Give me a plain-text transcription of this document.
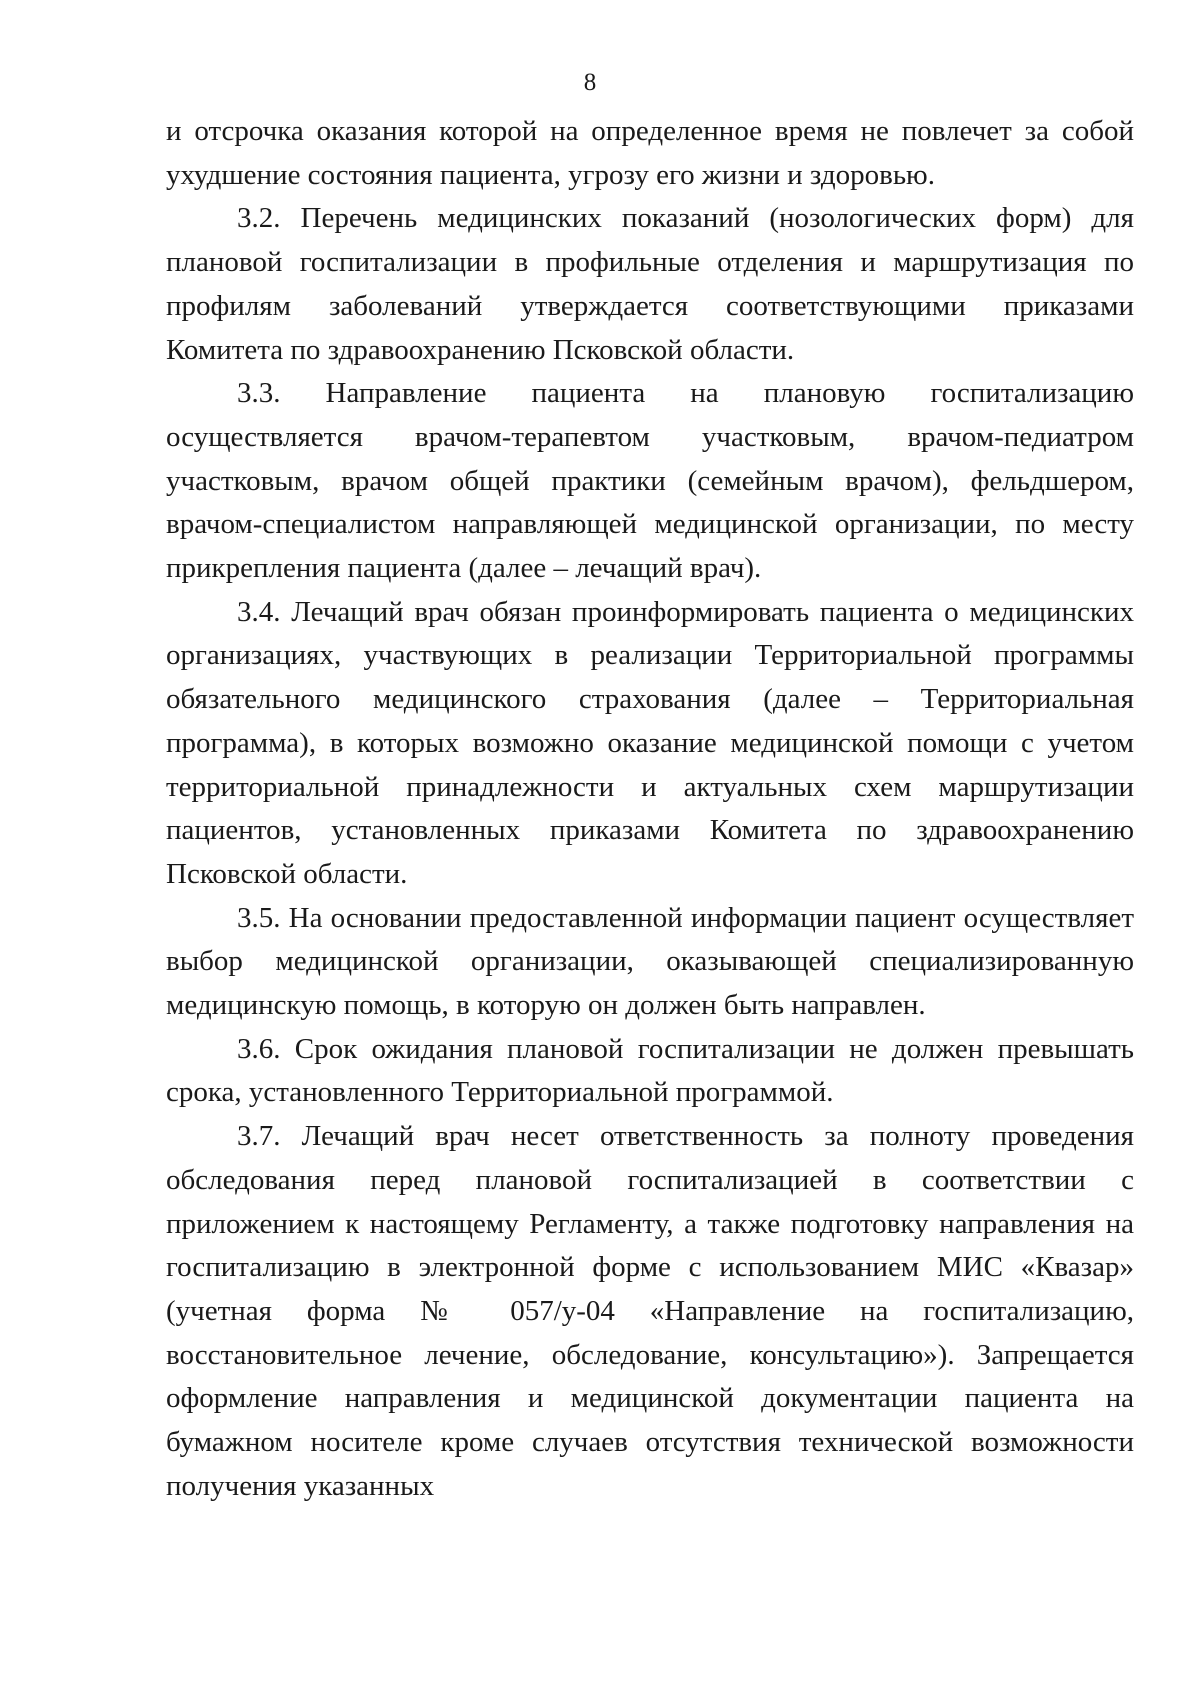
8

и отсрочка оказания которой на определенное время не повлечет за собой ухудшение состояния пациента, угрозу его жизни и здоровью.

3.2. Перечень медицинских показаний (нозологических форм) для плановой госпитализации в профильные отделения и маршрутизация по профилям заболеваний утверждается соответствующими приказами Комитета по здравоохранению Псковской области.

3.3. Направление пациента на плановую госпитализацию осуществляется врачом-терапевтом участковым, врачом-педиатром участковым, врачом общей практики (семейным врачом), фельдшером, врачом-специалистом направляющей медицинской организации, по месту прикрепления пациента (далее – лечащий врач).

3.4. Лечащий врач обязан проинформировать пациента о медицинских организациях, участвующих в реализации Территориальной программы обязательного медицинского страхования (далее – Территориальная программа), в которых возможно оказание медицинской помощи с учетом территориальной принадлежности и актуальных схем маршрутизации пациентов, установленных приказами Комитета по здравоохранению Псковской области.

3.5. На основании предоставленной информации пациент осуществляет выбор медицинской организации, оказывающей специализированную медицинскую помощь, в которую он должен быть направлен.

3.6. Срок ожидания плановой госпитализации не должен превышать срока, установленного Территориальной программой.

3.7. Лечащий врач несет ответственность за полноту проведения обследования перед плановой госпитализацией в соответствии с приложением к настоящему Регламенту, а также подготовку направления на госпитализацию в электронной форме с использованием МИС «Квазар» (учетная форма № 057/у-04 «Направление на госпитализацию, восстановительное лечение, обследование, консультацию»). Запрещается оформление направления и медицинской документации пациента на бумажном носителе кроме случаев отсутствия технической возможности получения указанных
